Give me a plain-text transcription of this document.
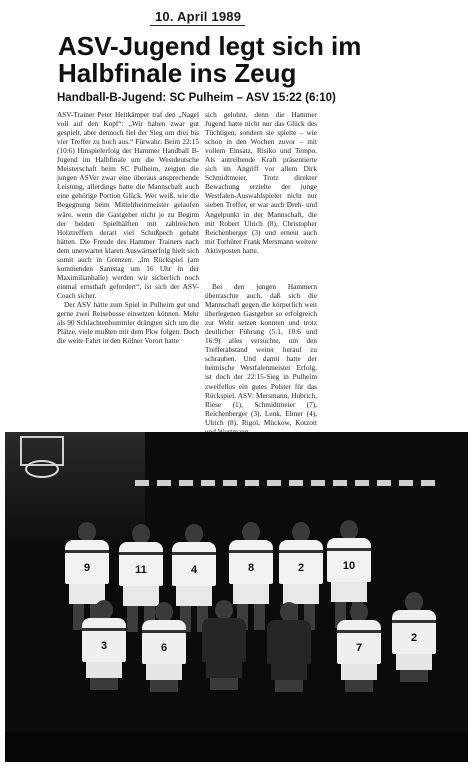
10. April 1989
ASV-Jugend legt sich im Halbfinale ins Zeug
Handball-B-Jugend: SC Pulheim – ASV 15:22 (6:10)

ASV-Trainer Peter Heitkämper traf den „Nagel voll auf den Kopf“: „Wir haben zwar gut gespielt, aber dennoch fiel der Sieg um drei bis vier Treffer zu hoch aus.“ Fürwahr: Beim 22:15 (10:6) Hinspielerfolg der Hammer Handball B-Jugend im Halbfinale um die Westdeutsche Meisterschaft beim SC Pulheim, zeigten die jungen ASVer zwar eine überaus ansprechende Leistung, allerdings hatte die Mannschaft auch eine gehörige Portion Glück. Wer weiß, wie die Begegnung beim Mittelrheinmeister gelaufen wäre, wenn die Gastgeber nicht je zu Beginn der beiden Spielhälften mit zahlreichen Holztreffern derart viel Schußpech gehabt hätten. Die Freude des Hammer Trainers nach dem unerwartet klaren Auswärtserfolg hielt sich somit auch in Grenzen. „Im Rückspiel (am kommenden Samstag um 16 Uhr in der Maximilianhalle) werden wir sicherlich noch einmal ernsthaft gefordert“, ist sich der ASV-Coach sicher.

Der ASV hätte zum Spiel in Pulheim gut und gerne zwei Reisebusse einsetzen können. Mehr als 90 Schlachtenbummler drängten sich um die Plätze, viele mußten mit dem Pkw folgen. Doch die weite Fahrt in den Kölner Vorort hatte

sich gelohnt, denn die Hammer Jugend hatte nicht nur das Glück des Tüchtigen, sondern sie spielte – wie schon in den Wochen zuvor – mit vollem Einsatz, Risiko und Tempo. Als antreibende Kraft präsentierte sich im Angriff vor allem Dirk Schmidtmeier. Trotz direkter Bewachung erzielte der junge Westfalen-Auswahlspieler nicht nur sieben Treffer, er war auch Dreh- und Angelpunkt in der Mannschaft, die mit Robert Ulrich (8), Christopher Reichenberger (3) und erneut auch mit Torhüter Frank Mersmann weitere Aktivposten hatte.

Bei den jungen Hammern überraschte auch, daß sich die Mannschaft gegen die körperlich weit überlegenen Gastgeber so erfolgreich zur Wehr setzen konnten und trotz deutlicher Führung (5:1, 10:6 und 16:9) alles versuchte, um den Trefferabstand weiter herauf zu schrauben. Und damit hatte der heimische Westfalenmeister Erfolg, ist doch der 22:15-Sieg in Pulheim zweifellos ein gutes Polster für das Rückspiel. ASV: Mersmann, Hubrich, Riese (1), Schmidtmeier (7), Reichenberger (3), Lenk, Elmer (4), Ulrich (8), Rigol, Mückow, Kotzott

9	11	4	8	2	10
3	6	7
2
